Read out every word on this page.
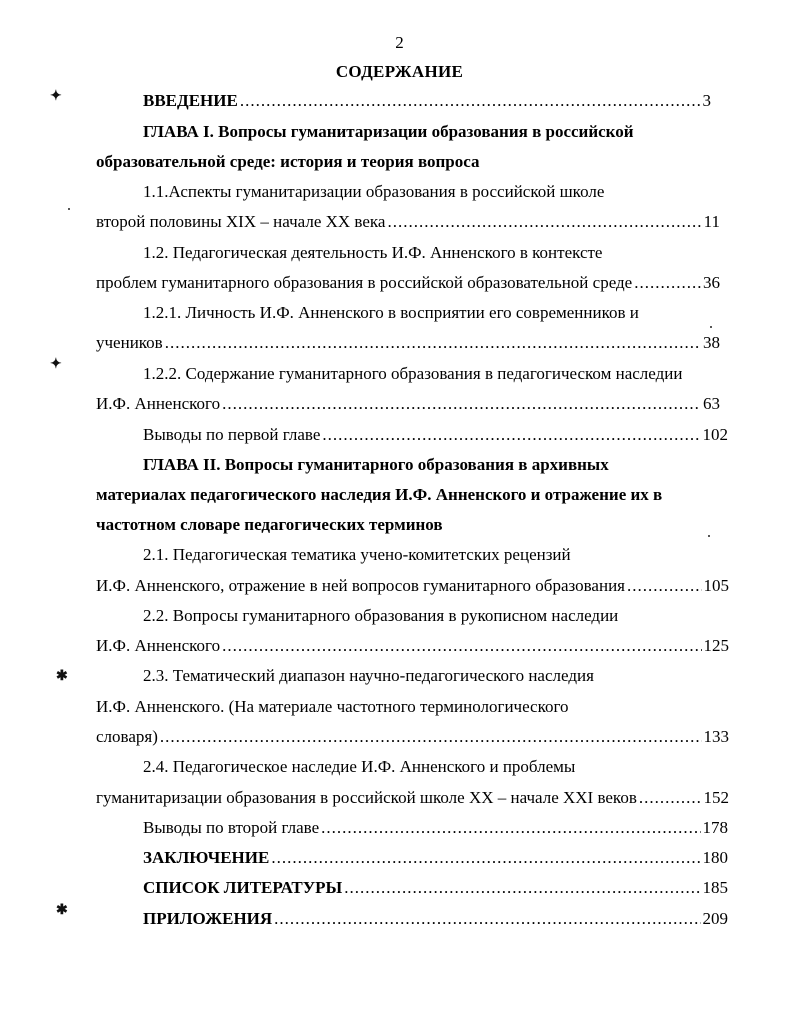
2
СОДЕРЖАНИЕ
ВВЕДЕНИЕ .....	3
ГЛАВА I. Вопросы гуманитаризации образования в российской
образовательной среде: история и теория вопроса
1.1.Аспекты гуманитаризации образования в российской школе
второй половины XIX – начале XX века .....	11
1.2. Педагогическая деятельность И.Ф. Анненского в контексте
проблем гуманитарного образования в российской образовательной среде .....	36
1.2.1. Личность И.Ф. Анненского в восприятии его современников и
учеников .....	38
1.2.2. Содержание гуманитарного образования в педагогическом наследии
И.Ф. Анненского .....	63
Выводы по первой главе .....	102
ГЛАВА II. Вопросы гуманитарного образования в архивных
материалах педагогического наследия И.Ф. Анненского и отражение их в
частотном словаре педагогических терминов
2.1. Педагогическая тематика учено-комитетских рецензий
И.Ф. Анненского, отражение в ней вопросов гуманитарного образования .....	105
2.2. Вопросы гуманитарного образования в рукописном наследии
И.Ф. Анненского .....	125
2.3. Тематический диапазон научно-педагогического наследия
И.Ф. Анненского. (На материале частотного терминологического
словаря) .....	133
2.4. Педагогическое наследие И.Ф. Анненского и проблемы
гуманитаризации образования в российской школе XX – начале XXI веков .....	152
Выводы по второй главе .....	178
ЗАКЛЮЧЕНИЕ .....	180
СПИСОК ЛИТЕРАТУРЫ .....	185
ПРИЛОЖЕНИЯ .....	209
✦
✦
✱
✱
